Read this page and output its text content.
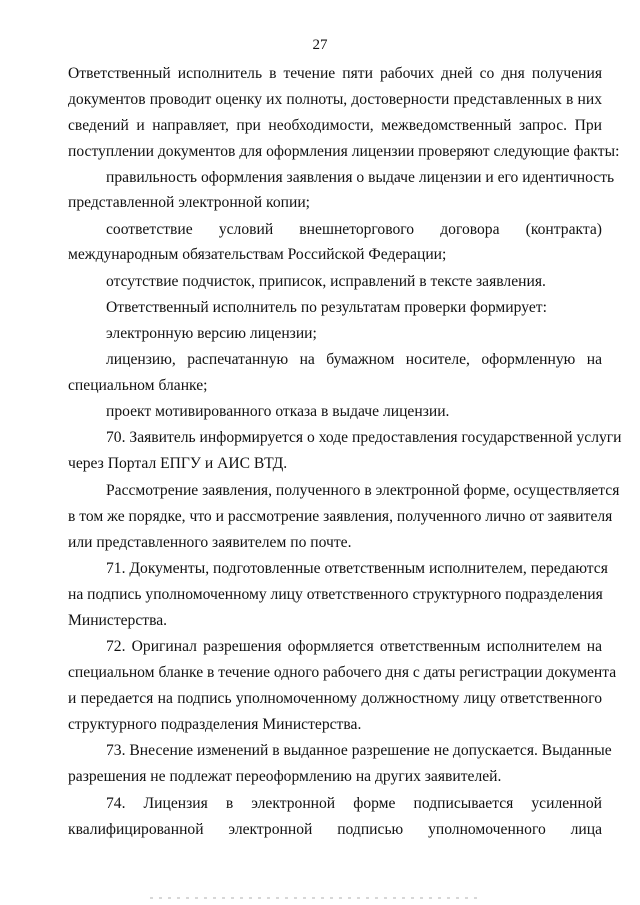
27

Ответственный исполнитель в течение пяти рабочих дней со дня получения

документов проводит оценку их полноты, достоверности представленных в них

сведений и направляет, при необходимости, межведомственный запрос. При

поступлении документов для оформления лицензии проверяют следующие факты:

правильность оформления заявления о выдаче лицензии и его идентичность

представленной электронной копии;

соответствие условий внешнеторгового договора (контракта)

международным обязательствам Российской Федерации;

отсутствие подчисток, приписок, исправлений в тексте заявления.

Ответственный исполнитель по результатам проверки формирует:

электронную версию лицензии;

лицензию, распечатанную на бумажном носителе, оформленную на

специальном бланке;

проект мотивированного отказа в выдаче лицензии.

70. Заявитель информируется о ходе предоставления государственной услуги

через Портал ЕПГУ и АИС ВТД.

Рассмотрение заявления, полученного в электронной форме, осуществляется

в том же порядке, что и рассмотрение заявления, полученного лично от заявителя

или представленного заявителем по почте.

71. Документы, подготовленные ответственным исполнителем, передаются

на подпись уполномоченному лицу ответственного структурного подразделения

Министерства.

72. Оригинал разрешения оформляется ответственным исполнителем на

специальном бланке в течение одного рабочего дня с даты регистрации документа

и передается на подпись уполномоченному должностному лицу ответственного

структурного подразделения Министерства.

73. Внесение изменений в выданное разрешение не допускается. Выданные

разрешения не подлежат переоформлению на других заявителей.

74. Лицензия в электронной форме подписывается усиленной

квалифицированной электронной подписью уполномоченного лица
